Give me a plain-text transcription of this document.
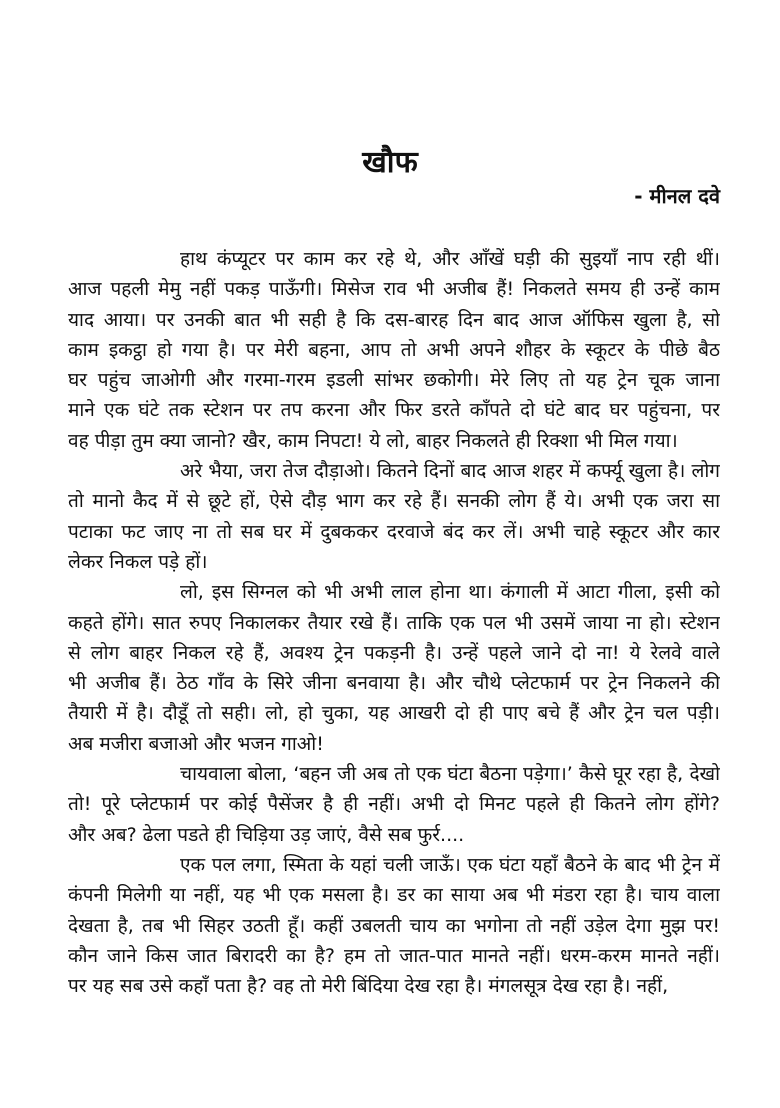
खौफ
- मीनल दवे
हाथ कंप्यूटर पर काम कर रहे थे, और आँखें घड़ी की सुइयाँ नाप रही थीं।
आज पहली मेमु नहीं पकड़ पाऊँगी। मिसेज राव भी अजीब हैं! निकलते समय ही उन्हें काम
याद आया। पर उनकी बात भी सही है कि दस-बारह दिन बाद आज ऑफिस खुला है, सो
काम इकट्ठा हो गया है। पर मेरी बहना, आप तो अभी अपने शौहर के स्कूटर के पीछे बैठ
घर पहुंच जाओगी और गरमा-गरम इडली सांभर छकोगी। मेरे लिए तो यह ट्रेन चूक जाना
माने एक घंटे तक स्टेशन पर तप करना और फिर डरते काँपते दो घंटे बाद घर पहुंचना, पर
वह पीड़ा तुम क्या जानो? खैर, काम निपटा! ये लो, बाहर निकलते ही रिक्शा भी मिल गया।
अरे भैया, जरा तेज दौड़ाओ। कितने दिनों बाद आज शहर में कर्फ्यू खुला है। लोग
तो मानो कैद में से छूटे हों, ऐसे दौड़ भाग कर रहे हैं। सनकी लोग हैं ये। अभी एक जरा सा
पटाका फट जाए ना तो सब घर में दुबककर दरवाजे बंद कर लें। अभी चाहे स्कूटर और कार
लेकर निकल पड़े हों।
लो, इस सिग्नल को भी अभी लाल होना था। कंगाली में आटा गीला, इसी को
कहते होंगे। सात रुपए निकालकर तैयार रखे हैं। ताकि एक पल भी उसमें जाया ना हो। स्टेशन
से लोग बाहर निकल रहे हैं, अवश्य ट्रेन पकड़नी है। उन्हें पहले जाने दो ना! ये रेलवे वाले
भी अजीब हैं। ठेठ गाँव के सिरे जीना बनवाया है। और चौथे प्लेटफार्म पर ट्रेन निकलने की
तैयारी में है। दौडूँ तो सही। लो, हो चुका, यह आखरी दो ही पाए बचे हैं और ट्रेन चल पड़ी।
अब मजीरा बजाओ और भजन गाओ!
चायवाला बोला, ‘बहन जी अब तो एक घंटा बैठना पड़ेगा।’ कैसे घूर रहा है, देखो
तो! पूरे प्लेटफार्म पर कोई पैसेंजर है ही नहीं। अभी दो मिनट पहले ही कितने लोग होंगे?
और अब? ढेला पडते ही चिड़िया उड़ जाएं, वैसे सब फुर्र....
एक पल लगा, स्मिता के यहां चली जाऊँ। एक घंटा यहाँ बैठने के बाद भी ट्रेन में
कंपनी मिलेगी या नहीं, यह भी एक मसला है। डर का साया अब भी मंडरा रहा है। चाय वाला
देखता है, तब भी सिहर उठती हूँ। कहीं उबलती चाय का भगोना तो नहीं उड़ेल देगा मुझ पर!
कौन जाने किस जात बिरादरी का है? हम तो जात-पात मानते नहीं। धरम-करम मानते नहीं।
पर यह सब उसे कहाँ पता है? वह तो मेरी बिंदिया देख रहा है। मंगलसूत्र देख रहा है। नहीं,
